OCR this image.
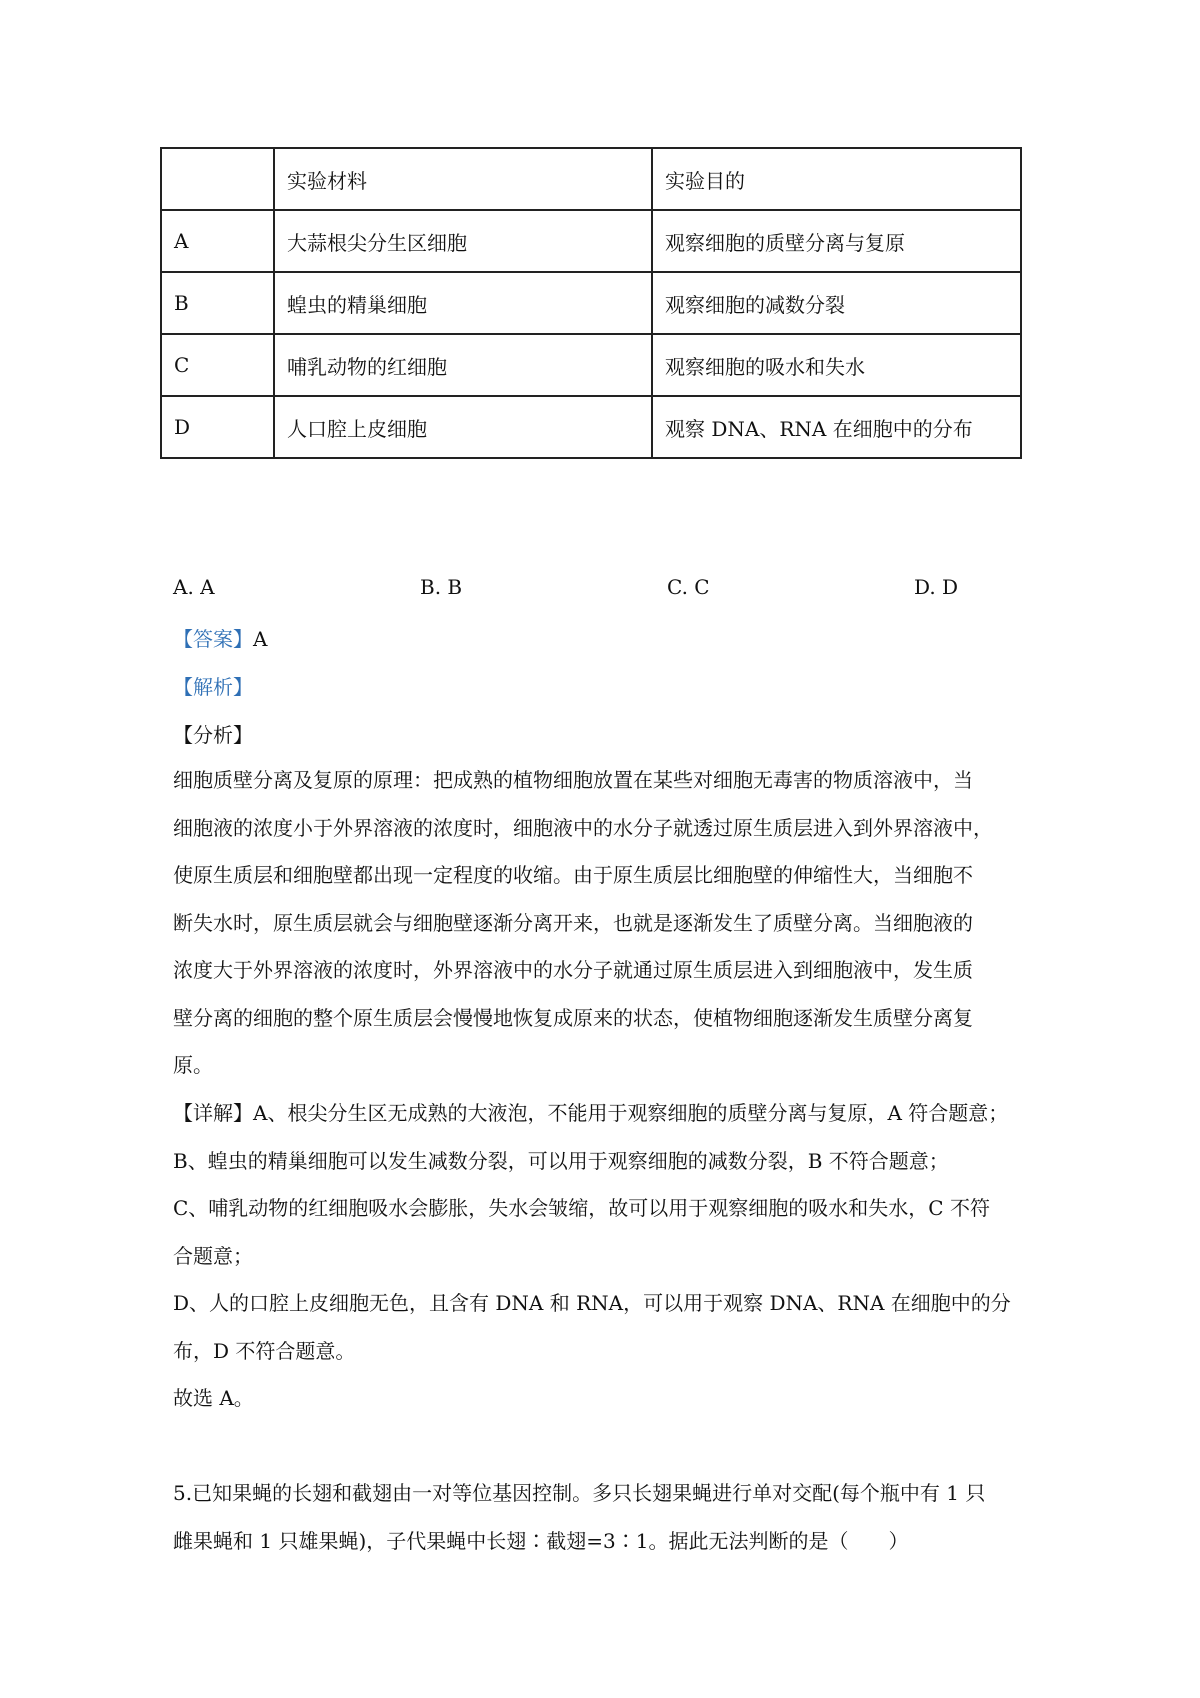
	实验材料	实验目的
A	大蒜根尖分生区细胞	观察细胞的质壁分离与复原
B	蝗虫的精巢细胞	观察细胞的减数分裂
C	哺乳动物的红细胞	观察细胞的吸水和失水
D	人口腔上皮细胞	观察 DNA、RNA 在细胞中的分布
A. A	B. B	C. C	D. D
【答案】A
【解析】
【分析】

细胞质壁分离及复原的原理：把成熟的植物细胞放置在某些对细胞无毒害的物质溶液中，当

细胞液的浓度小于外界溶液的浓度时，细胞液中的水分子就透过原生质层进入到外界溶液中，

使原生质层和细胞壁都出现一定程度的收缩。由于原生质层比细胞壁的伸缩性大，当细胞不

断失水时，原生质层就会与细胞壁逐渐分离开来，也就是逐渐发生了质壁分离。当细胞液的

浓度大于外界溶液的浓度时，外界溶液中的水分子就通过原生质层进入到细胞液中，发生质

壁分离的细胞的整个原生质层会慢慢地恢复成原来的状态，使植物细胞逐渐发生质壁分离复

原。

【详解】A、根尖分生区无成熟的大液泡，不能用于观察细胞的质壁分离与复原，A 符合题意；

B、蝗虫的精巢细胞可以发生减数分裂，可以用于观察细胞的减数分裂，B 不符合题意；

C、哺乳动物的红细胞吸水会膨胀，失水会皱缩，故可以用于观察细胞的吸水和失水，C 不符

合题意；

D、人的口腔上皮细胞无色，且含有 DNA 和 RNA，可以用于观察 DNA、RNA 在细胞中的分

布，D 不符合题意。

故选 A。

5.已知果蝇的长翅和截翅由一对等位基因控制。多只长翅果蝇进行单对交配(每个瓶中有 1 只

雌果蝇和 1 只雄果蝇)，子代果蝇中长翅∶截翅=3∶1。据此无法判断的是（　　）
